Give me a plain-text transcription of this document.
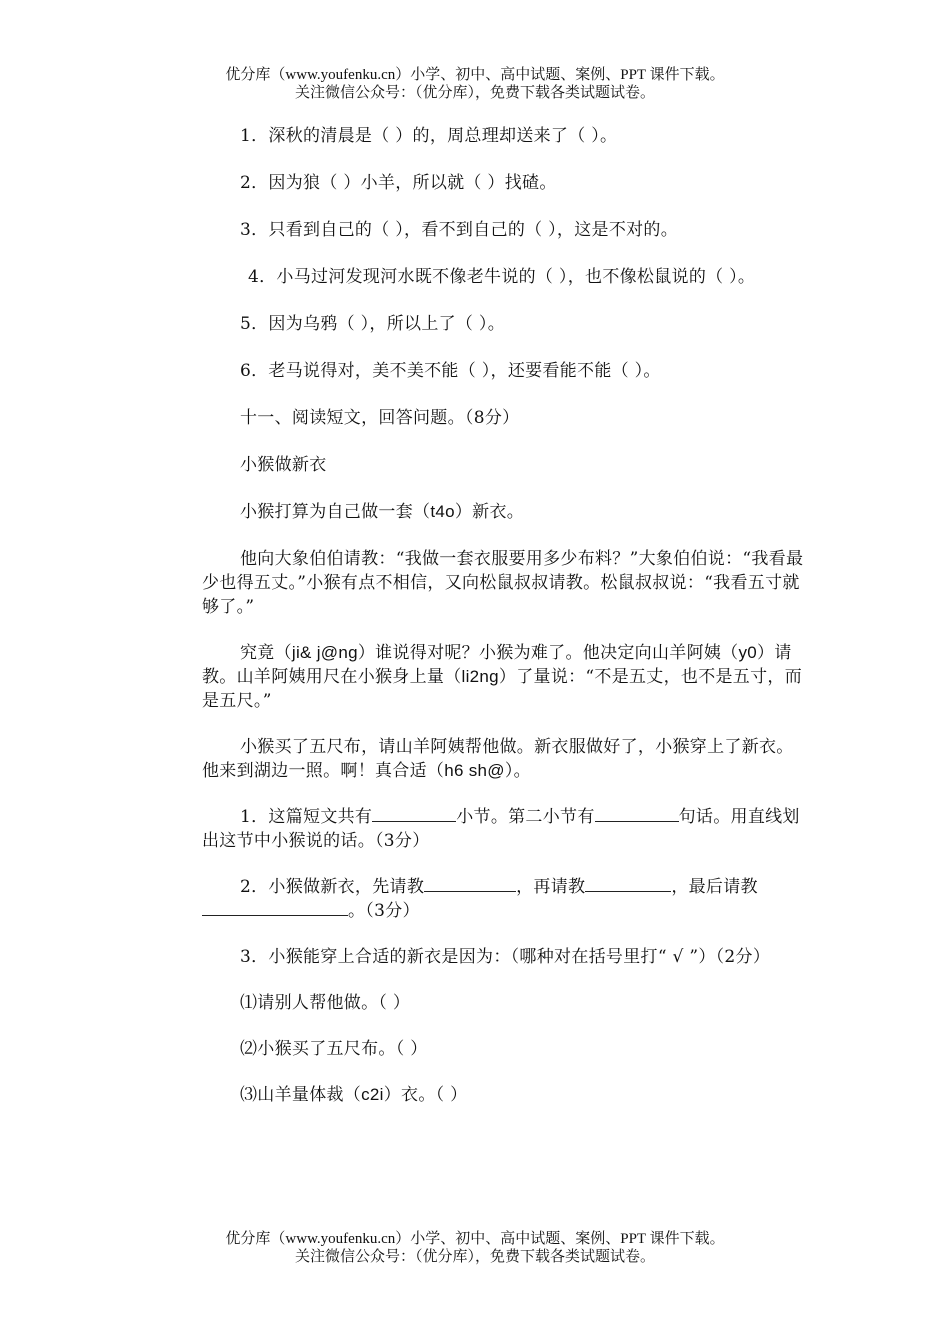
优分库（www.youfenku.cn）小学、初中、高中试题、案例、PPT 课件下载。
关注微信公众号：（优分库），免费下载各类试题试卷。

1．深秋的清晨是（ ）的，周总理却送来了（ ）。

2．因为狼（ ）小羊，所以就（ ）找碴。

3．只看到自己的（ ），看不到自己的（ ），这是不对的。

4．小马过河发现河水既不像老牛说的（ ），也不像松鼠说的（ ）。

5．因为乌鸦（ ），所以上了（ ）。

6．老马说得对，美不美不能（ ），还要看能不能（ ）。

十一、阅读短文，回答问题。（8分）

小猴做新衣

小猴打算为自己做一套（t4o）新衣。

他向大象伯伯请教：“我做一套衣服要用多少布料？”大象伯伯说：“我看最少也得五丈。”小猴有点不相信，又向松鼠叔叔请教。松鼠叔叔说：“我看五寸就够了。”

究竟（ji& j@ng）谁说得对呢？小猴为难了。他决定向山羊阿姨（y0）请教。山羊阿姨用尺在小猴身上量（li2ng）了量说：“不是五丈，也不是五寸，而是五尺。”

小猴买了五尺布，请山羊阿姨帮他做。新衣服做好了，小猴穿上了新衣。他来到湖边一照。啊！真合适（h6 sh@）。

1．这篇短文共有	小节。第二小节有	句话。用直线划出这节中小猴说的话。（3分）

2．小猴做新衣，先请教	，再请教	，最后请教。（3分）

3．小猴能穿上合适的新衣是因为：（哪种对在括号里打“ √ ”）（2分）

⑴请别人帮他做。（ ）

⑵小猴买了五尺布。（ ）

⑶山羊量体裁（c2i）衣。（ ）

优分库（www.youfenku.cn）小学、初中、高中试题、案例、PPT 课件下载。
关注微信公众号：（优分库），免费下载各类试题试卷。
